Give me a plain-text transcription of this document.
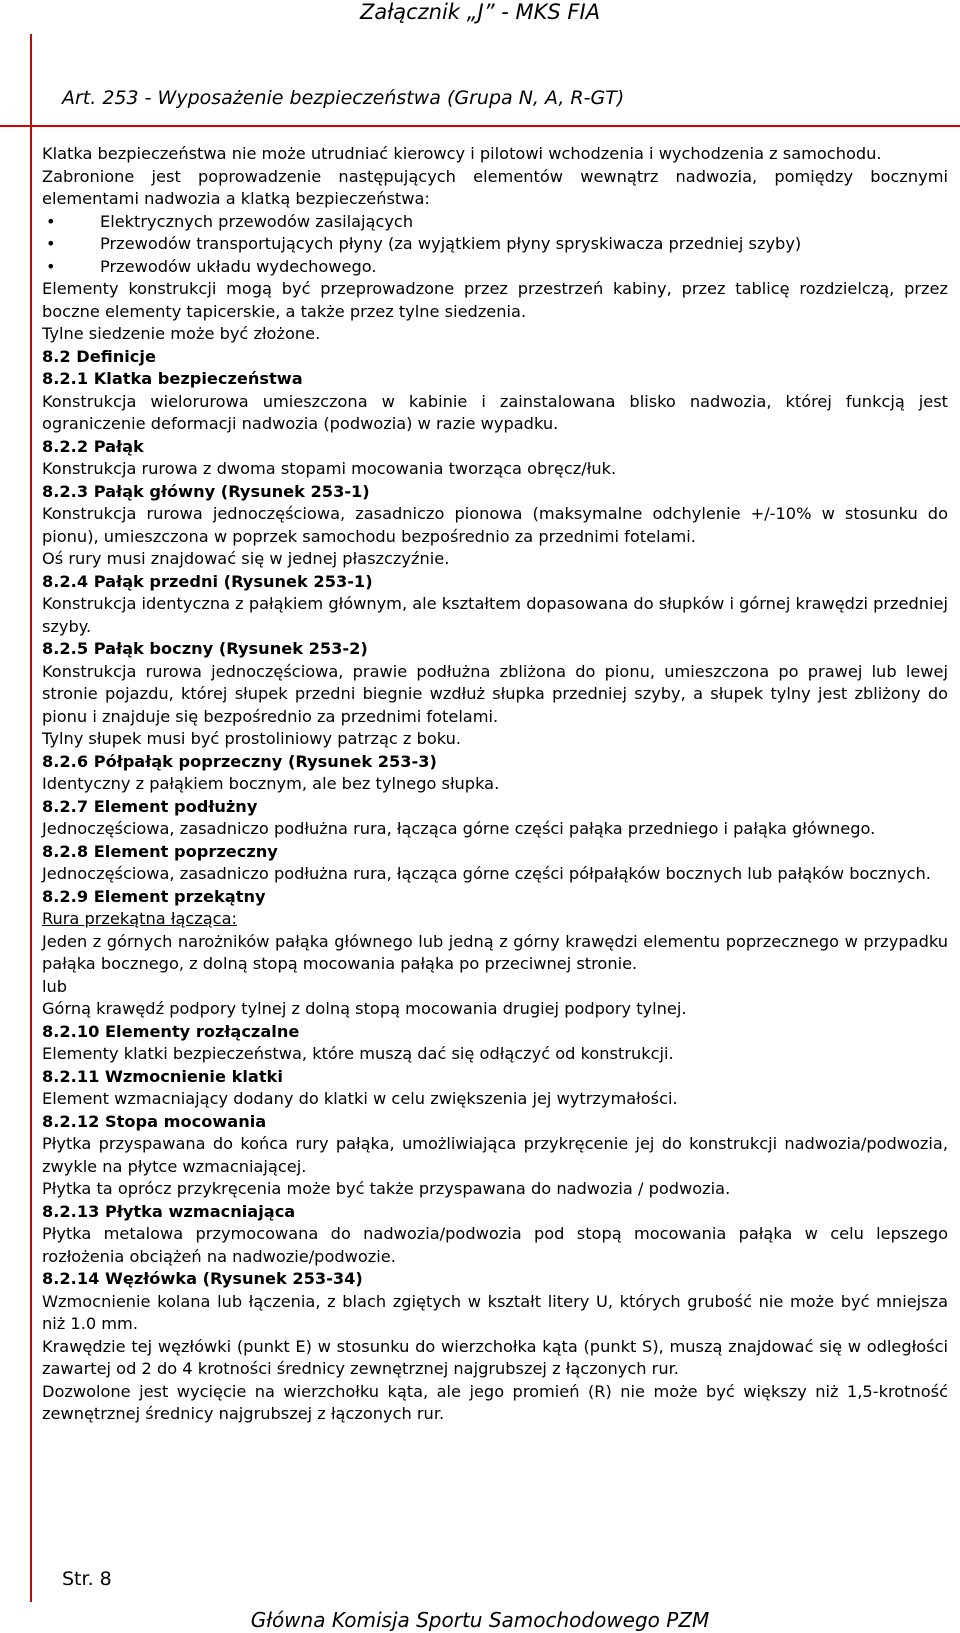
Załącznik „J” - MKS FIA
Art. 253 - Wyposażenie bezpieczeństwa (Grupa N, A, R-GT)

Klatka bezpieczeństwa nie może utrudniać kierowcy i pilotowi wchodzenia i wychodzenia z samochodu.

Zabronione jest poprowadzenie następujących elementów wewnątrz nadwozia, pomiędzy bocznymi elementami nadwozia a klatką bezpieczeństwa:

•	Elektrycznych przewodów zasilających
•	Przewodów transportujących płyny (za wyjątkiem płyny spryskiwacza przedniej szyby)
•	Przewodów układu wydechowego.

Elementy konstrukcji mogą być przeprowadzone przez przestrzeń kabiny, przez tablicę rozdzielczą, przez boczne elementy tapicerskie, a także przez tylne siedzenia.

Tylne siedzenie może być złożone.

8.2 Definicje

8.2.1 Klatka bezpieczeństwa

Konstrukcja wielorurowa umieszczona w kabinie i zainstalowana blisko nadwozia, której funkcją jest ograniczenie deformacji nadwozia (podwozia) w razie wypadku.

8.2.2 Pałąk

Konstrukcja rurowa z dwoma stopami mocowania tworząca obręcz/łuk.

8.2.3 Pałąk główny (Rysunek 253-1)

Konstrukcja rurowa jednoczęściowa, zasadniczo pionowa (maksymalne odchylenie +/-10% w stosunku do pionu), umieszczona w poprzek samochodu bezpośrednio za przednimi fotelami.

Oś rury musi znajdować się w jednej płaszczyźnie.

8.2.4 Pałąk przedni (Rysunek 253-1)

Konstrukcja identyczna z pałąkiem głównym, ale kształtem dopasowana do słupków i górnej krawędzi przedniej szyby.

8.2.5 Pałąk boczny (Rysunek 253-2)

Konstrukcja rurowa jednoczęściowa, prawie podłużna zbliżona do pionu, umieszczona po prawej lub lewej stronie pojazdu, której słupek przedni biegnie wzdłuż słupka przedniej szyby, a słupek tylny jest zbliżony do pionu i znajduje się bezpośrednio za przednimi fotelami.

Tylny słupek musi być prostoliniowy patrząc z boku.

8.2.6 Półpałąk poprzeczny (Rysunek 253-3)

Identyczny z pałąkiem bocznym, ale bez tylnego słupka.

8.2.7 Element podłużny

Jednoczęściowa, zasadniczo podłużna rura, łącząca górne części pałąka przedniego i pałąka głównego.

8.2.8 Element poprzeczny

Jednoczęściowa, zasadniczo podłużna rura, łącząca górne części półpałąków bocznych lub pałąków bocznych.

8.2.9 Element przekątny

Rura przekątna łącząca:

Jeden z górnych narożników pałąka głównego lub jedną z górny krawędzi elementu poprzecznego w przypadku pałąka bocznego, z dolną stopą mocowania pałąka po przeciwnej stronie.

lub

Górną krawędź podpory tylnej z dolną stopą mocowania drugiej podpory tylnej.

8.2.10 Elementy rozłączalne

Elementy klatki bezpieczeństwa, które muszą dać się odłączyć od konstrukcji.

8.2.11 Wzmocnienie klatki

Element wzmacniający dodany do klatki w celu zwiększenia jej wytrzymałości.

8.2.12 Stopa mocowania

Płytka przyspawana do końca rury pałąka, umożliwiająca przykręcenie jej do konstrukcji nadwozia/podwozia, zwykle na płytce wzmacniającej.

Płytka ta oprócz przykręcenia może być także przyspawana do nadwozia / podwozia.

8.2.13 Płytka wzmacniająca

Płytka metalowa przymocowana do nadwozia/podwozia pod stopą mocowania pałąka w celu lepszego rozłożenia obciążeń na nadwozie/podwozie.

8.2.14 Węzłówka (Rysunek 253-34)

Wzmocnienie kolana lub łączenia, z blach zgiętych w kształt litery U, których grubość nie może być mniejsza niż 1.0 mm.

Krawędzie tej węzłówki (punkt E) w stosunku do wierzchołka kąta (punkt S), muszą znajdować się w odległości zawartej od 2 do 4 krotności średnicy zewnętrznej najgrubszej z łączonych rur.

Dozwolone jest wycięcie na wierzchołku kąta, ale jego promień (R) nie może być większy niż 1,5-krotność zewnętrznej średnicy najgrubszej z łączonych rur.

Str. 8
Główna Komisja Sportu Samochodowego PZM
